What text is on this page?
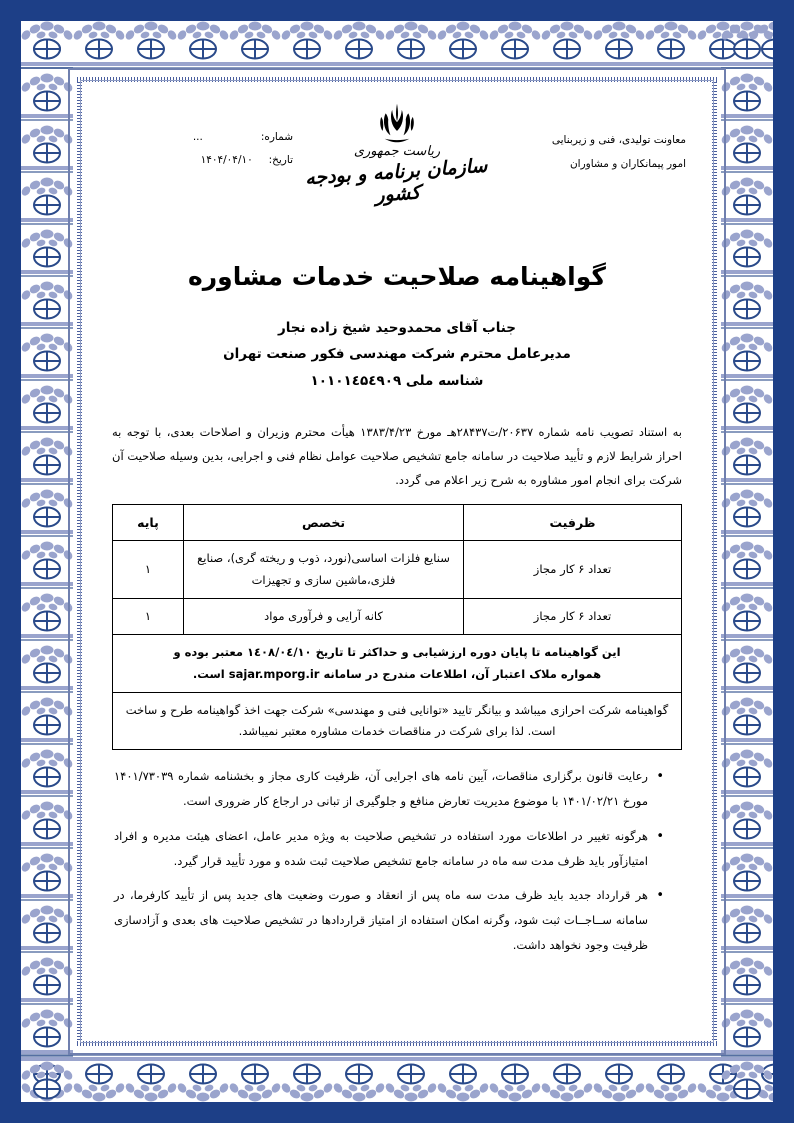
معاونت تولیدی، فنی و زیربنایی
امور پیمانکاران و مشاوران
ریاست جمهوری
سازمان برنامه و بودجه کشور
شماره:
...
تاریخ:
۱۴۰۴/۰۴/۱۰
گواهینامه صلاحیت خدمات مشاوره
جناب آقای محمدوحید شیخ زاده نجار
مدیرعامل محترم شرکت مهندسی فکور صنعت تهران
شناسه ملی ۱۰۱۰۱٤۵٤۹۰۹
به استناد تصویب نامه شماره ۲۰۶۳۷/ت۲۸۴۳۷هـ مورخ ۱۳۸۳/۴/۲۳ هیأت محترم وزیران و اصلاحات بعدی، با توجه به احراز شرایط لازم و تأیید صلاحیت در سامانه جامع تشخیص صلاحیت عوامل نظام فنی و اجرایی، بدین وسیله صلاحیت آن شرکت برای انجام امور مشاوره به شرح زیر اعلام می گردد.
ظرفیت	تخصص	پایه
تعداد ۶ کار مجاز	سنایع فلزات اساسی(نورد، ذوب و ریخته گری)، صنایع فلزی،ماشین سازی و تجهیزات	۱
تعداد ۶ کار مجاز	کانه آرایی و فرآوری مواد	۱

این گواهینامه تا پایان دوره ارزشیابی و حداکثر تا تاریخ ۱٤۰۸/۰٤/۱۰ معتبر بوده و
همواره ملاک اعتبار آن، اطلاعات مندرج در سامانه sajar.mporg.ir است.		

گواهینامه شرکت احرازی میباشد و بیانگر تایید «توانایی فنی و مهندسی» شرکت جهت اخذ گواهینامه طرح و ساخت است. لذا برای شرکت در مناقصات خدمات مشاوره معتبر نمیباشد.		
• رعایت قانون برگزاری مناقصات، آیین نامه های اجرایی آن، ظرفیت کاری مجاز و بخشنامه شماره ۱۴۰۱/۷۳۰۳۹ مورخ ۱۴۰۱/۰۲/۲۱ با موضوع مدیریت تعارض منافع و جلوگیری از تبانی در ارجاع کار ضروری است.
• هرگونه تغییر در اطلاعات مورد استفاده در تشخیص صلاحیت به ویژه مدیر عامل، اعضای هیئت مدیره و افراد امتیازآور باید ظرف مدت سه ماه در سامانه جامع تشخیص صلاحیت ثبت شده و مورد تأیید قرار گیرد.
• هر قرارداد جدید باید ظرف مدت سه ماه پس از انعقاد و صورت وضعیت های جدید پس از تأیید کارفرما، در سامانه ســاجــات ثبت شود، وگرنه امکان استفاده از امتیاز قراردادها در تشخیص صلاحیت های بعدی و آزادسازی ظرفیت وجود نخواهد داشت.
